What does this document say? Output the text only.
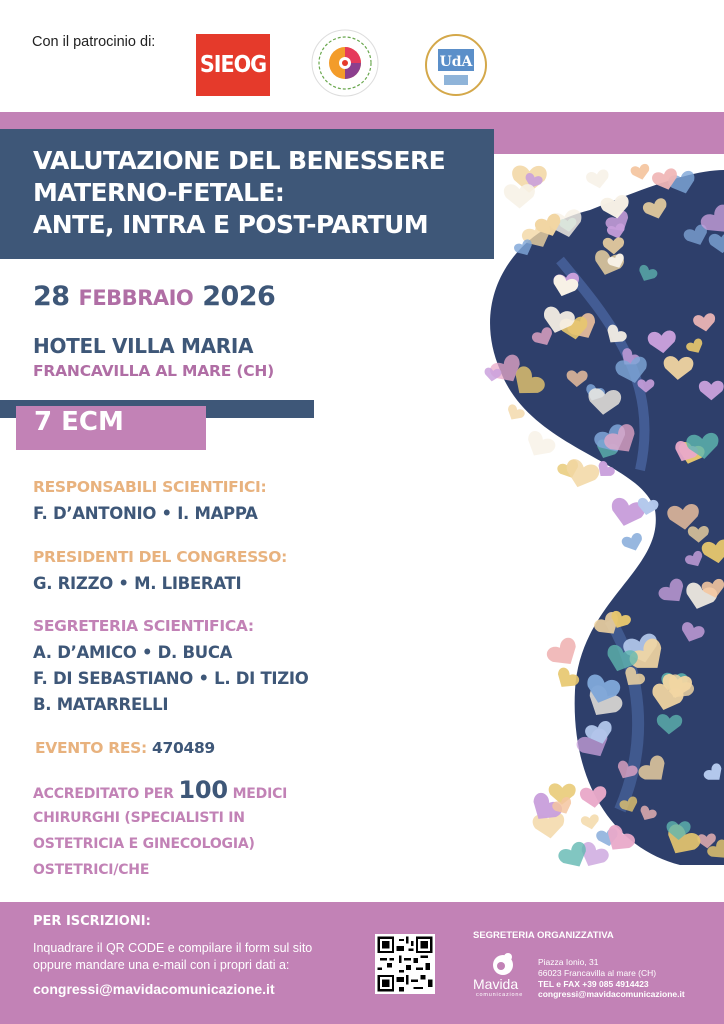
Con il patrocinio di:
SIEOG	UdA
VALUTAZIONE DEL BENESSERE
MATERNO-FETALE:
ANTE, INTRA E POST-PARTUM
28 FEBBRAIO 2026
HOTEL VILLA MARIA
FRANCAVILLA AL MARE (CH)
7 ECM
RESPONSABILI SCIENTIFICI:
F. D’ANTONIO • I. MAPPA
PRESIDENTI DEL CONGRESSO:
G. RIZZO • M. LIBERATI
SEGRETERIA SCIENTIFICA:
A. D’AMICO • D. BUCA
F. DI SEBASTIANO • L. DI TIZIO
B. MATARRELLI
EVENTO RES: 470489
ACCREDITATO PER 100 MEDICI
CHIRURGHI (SPECIALISTI IN
OSTETRICIA E GINECOLOGIA)
OSTETRICI/CHE
PER ISCRIZIONI:
Inquadrare il QR CODE e compilare il form sul sito
oppure mandare una e-mail con i propri dati a:
congressi@mavidacomunicazione.it
SEGRETERIA ORGANIZZATIVA
Mavida
comunicazione
Piazza Ionio, 31
66023 Francavilla al mare (CH)
TEL e FAX +39 085 4914423
congressi@mavidacomunicazione.it
